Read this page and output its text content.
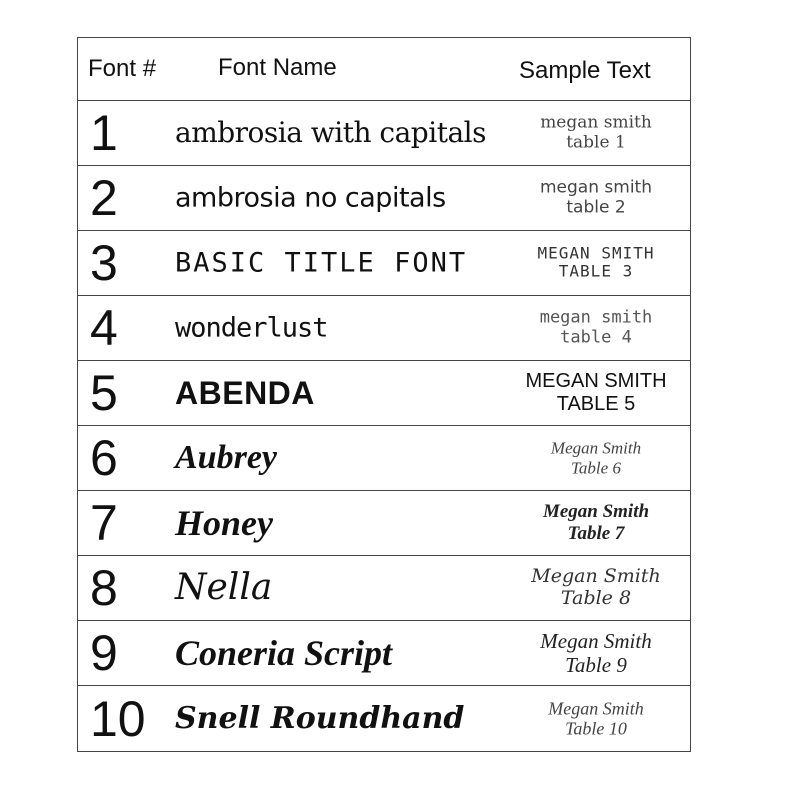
Font #	Font Name	Sample Text
1 ambrosia with capitals	megan smith
table 1
2 ambrosia no capitals	megan smith
table 2
3 BASIC TITLE FONT	MEGAN SMITH
TABLE 3
4 wonderlust	megan smith
table 4
5 ABENDA	MEGAN SMITH
TABLE 5
6 Aubrey	Megan Smith
Table 6
7 Honey	Megan Smith
Table 7
8 Nella	Megan Smith
Table 8
9 Coneria Script	Megan Smith
Table 9
10 Snell Roundhand	Megan Smith
Table 10
